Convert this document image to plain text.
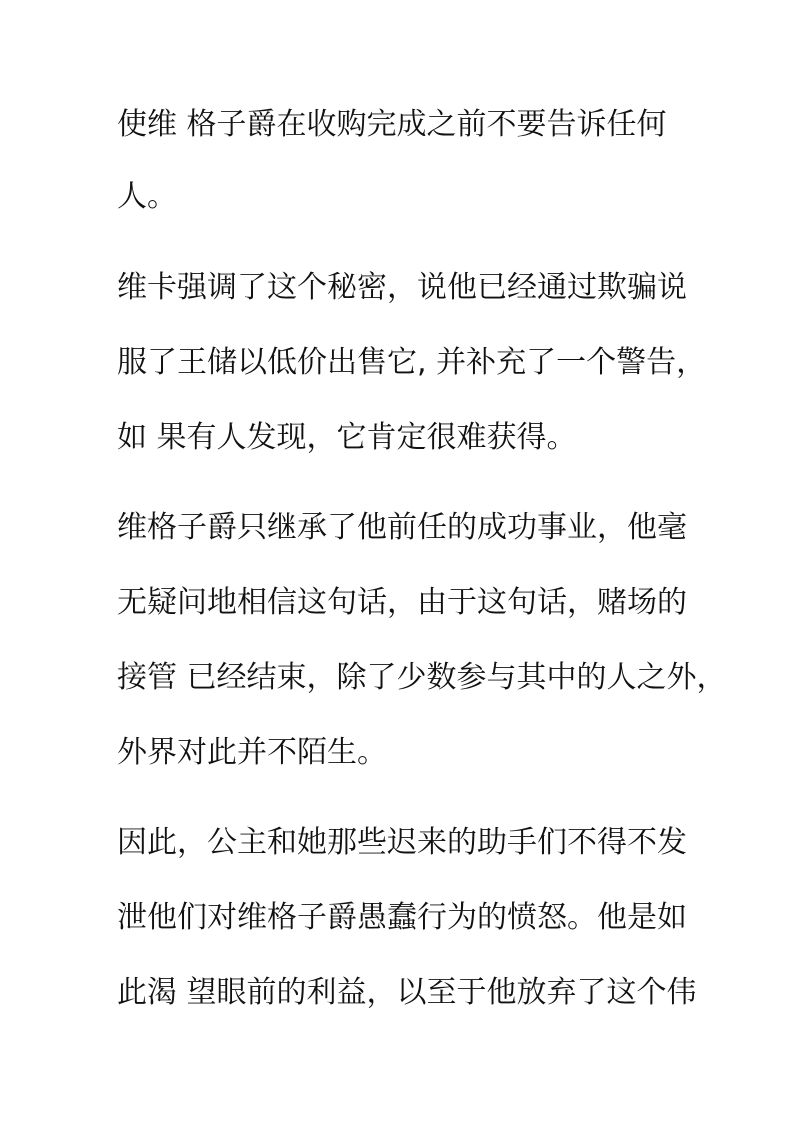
使维 格子爵在收购完成之前不要告诉任何
人。
维卡强调了这个秘密，说他已经通过欺骗说
服了王储以低价出售它, 并补充了一个警告，
如 果有人发现，它肯定很难获得。
维格子爵只继承了他前任的成功事业，他毫
无疑问地相信这句话，由于这句话，赌场的
接管 已经结束，除了少数参与其中的人之外，
外界对此并不陌生。
因此，公主和她那些迟来的助手们不得不发
泄他们对维格子爵愚蠢行为的愤怒。他是如
此渴 望眼前的利益，以至于他放弃了这个伟
